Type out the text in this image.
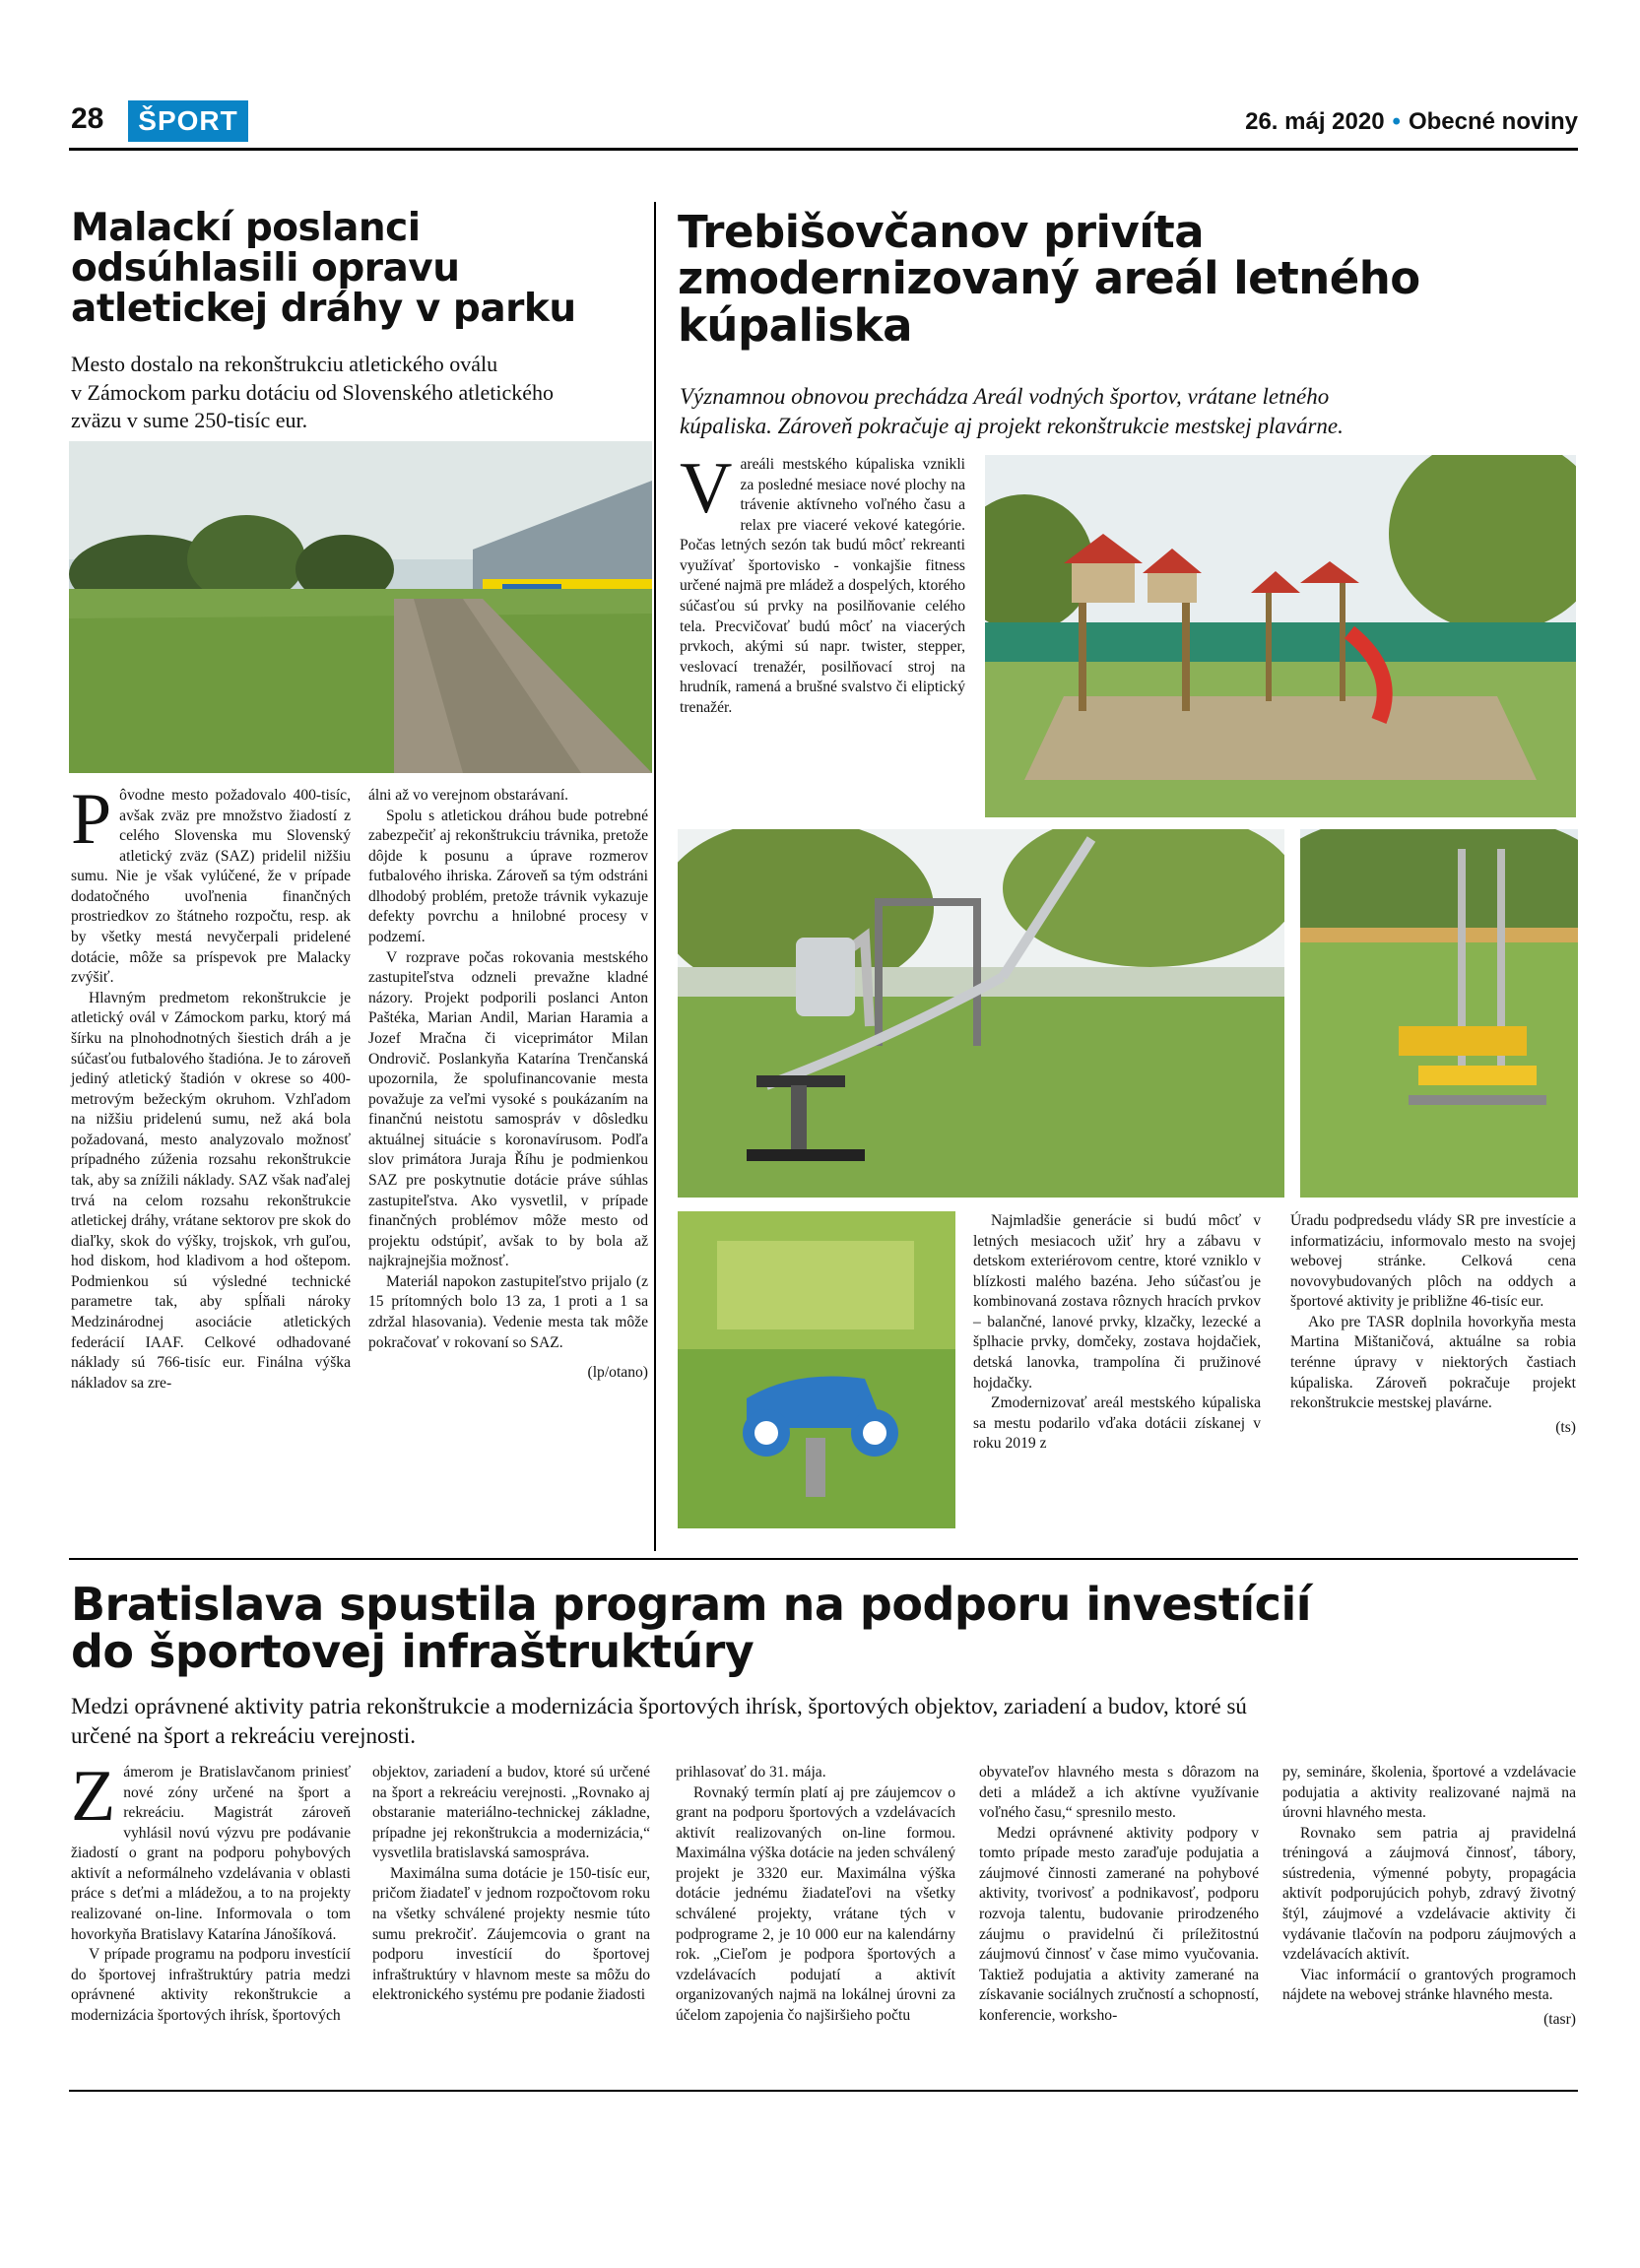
28	ŠPORT	26. máj 2020 • Obecné noviny
Malackí poslanci
odsúhlasili opravu
atletickej dráhy v parku
Mesto dostalo na rekonštrukciu atletického oválu
v Zámockom parku dotáciu od Slovenského atletického
zväzu v sume 250-tisíc eur.

Pôvodne mesto požadovalo 400-tisíc, avšak zväz pre množstvo žiadostí z celého Slovenska mu Slovenský atletický zväz (SAZ) pridelil nižšiu sumu. Nie je však vylúčené, že v prípade dodatočného uvoľnenia finančných prostriedkov zo štátneho rozpočtu, resp. ak by všetky mestá nevyčerpali pridelené dotácie, môže sa príspevok pre Malacky zvýšiť.

Hlavným predmetom rekonštrukcie je atletický ovál v Zámockom parku, ktorý má šírku na plnohodnotných šiestich dráh a je súčasťou futbalového štadióna. Je to zároveň jediný atletický štadión v okrese so 400-metrovým bežeckým okruhom. Vzhľadom na nižšiu pridelenú sumu, než aká bola požadovaná, mesto analyzovalo možnosť prípadného zúženia rozsahu rekonštrukcie tak, aby sa znížili náklady. SAZ však naďalej trvá na celom rozsahu rekonštrukcie atletickej dráhy, vrátane sektorov pre skok do diaľky, skok do výšky, trojskok, vrh guľou, hod diskom, hod kladivom a hod oštepom. Podmienkou sú výsledné technické parametre tak, aby spĺňali nároky Medzinárodnej asociácie atletických federácií IAAF. Celkové odhadované náklady sú 766-tisíc eur. Finálna výška nákladov sa zre-

álni až vo verejnom obstarávaní.

Spolu s atletickou dráhou bude potrebné zabezpečiť aj rekonštrukciu trávnika, pretože dôjde k posunu a úprave rozmerov futbalového ihriska. Zároveň sa tým odstráni dlhodobý problém, pretože trávnik vykazuje defekty povrchu a hnilobné procesy v podzemí.

V rozprave počas rokovania mestského zastupiteľstva odzneli prevažne kladné názory. Projekt podporili poslanci Anton Paštéka, Marian Andil, Marian Haramia a Jozef Mračna či viceprimátor Milan Ondrovič. Poslankyňa Katarína Trenčanská upozornila, že spolufinancovanie mesta považuje za veľmi vysoké s poukázaním na finančnú neistotu samospráv v dôsledku aktuálnej situácie s koronavírusom. Podľa slov primátora Juraja Říhu je podmienkou SAZ pre poskytnutie dotácie práve súhlas zastupiteľstva. Ako vysvetlil, v prípade finančných problémov môže mesto od projektu odstúpiť, avšak to by bola až najkrajnejšia možnosť.

Materiál napokon zastupiteľstvo prijalo (z 15 prítomných bolo 13 za, 1 proti a 1 sa zdržal hlasovania). Vedenie mesta tak môže pokračovať v rokovaní so SAZ.

(lp/otano)
Trebišovčanov privíta
zmodernizovaný areál letného
kúpaliska
Významnou obnovou prechádza Areál vodných športov, vrátane letného
kúpaliska. Zároveň pokračuje aj projekt rekonštrukcie mestskej plavárne.

Vareáli mestského kúpaliska vznikli za posledné mesiace nové plochy na trávenie aktívneho voľného času a relax pre viaceré vekové kategórie. Počas letných sezón tak budú môcť rekreanti využívať športovisko - vonkajšie fitness určené najmä pre mládež a dospelých, ktorého súčasťou sú prvky na posilňovanie celého tela. Precvičovať budú môcť na viacerých prvkoch, akými sú napr. twister, stepper, veslovací trenažér, posilňovací stroj na hrudník, ramená a brušné svalstvo či eliptický trenažér.

Najmladšie generácie si budú môcť v letných mesiacoch užiť hry a zábavu v detskom exteriérovom centre, ktoré vzniklo v blízkosti malého bazéna. Jeho súčasťou je kombinovaná zostava rôznych hracích prvkov – balančné, lanové prvky, klzačky, lezecké a šplhacie prvky, domčeky, zostava hojdačiek, detská lanovka, trampolína či pružinové hojdačky.

Zmodernizovať areál mestského kúpaliska sa mestu podarilo vďaka dotácii získanej v roku 2019 z

Úradu podpredsedu vlády SR pre investície a informatizáciu, informovalo mesto na svojej webovej stránke. Celková cena novovybudovaných plôch na oddych a športové aktivity je približne 46-tisíc eur.

Ako pre TASR doplnila hovorkyňa mesta Martina Mištaničová, aktuálne sa robia terénne úpravy v niektorých častiach kúpaliska. Zároveň pokračuje projekt rekonštrukcie mestskej plavárne.

(ts)
Bratislava spustila program na podporu investícií
do športovej infraštruktúry
Medzi oprávnené aktivity patria rekonštrukcie a modernizácia športových ihrísk, športových objektov, zariadení a budov, ktoré sú
určené na šport a rekreáciu verejnosti.

Zámerom je Bratislavčanom priniesť nové zóny určené na šport a rekreáciu. Magistrát zároveň vyhlásil novú výzvu pre podávanie žiadostí o grant na podporu pohybových aktivít a neformálneho vzdelávania v oblasti práce s deťmi a mládežou, a to na projekty realizované on-line. Informovala o tom hovorkyňa Bratislavy Katarína Jánošíková.

V prípade programu na podporu investícií do športovej infraštruktúry patria medzi oprávnené aktivity rekonštrukcie a modernizácia športových ihrísk, športových

objektov, zariadení a budov, ktoré sú určené na šport a rekreáciu verejnosti. „Rovnako aj obstaranie materiálno-technickej základne, prípadne jej rekonštrukcia a modernizácia,“ vysvetlila bratislavská samospráva.

Maximálna suma dotácie je 150-tisíc eur, pričom žiadateľ v jednom rozpočtovom roku na všetky schválené projekty nesmie túto sumu prekročiť. Záujemcovia o grant na podporu investícií do športovej infraštruktúry v hlavnom meste sa môžu do elektronického systému pre podanie žiadosti

prihlasovať do 31. mája.

Rovnaký termín platí aj pre záujemcov o grant na podporu športových a vzdelávacích aktivít realizovaných on-line formou. Maximálna výška dotácie na jeden schválený projekt je 3320 eur. Maximálna výška dotácie jednému žiadateľovi na všetky schválené projekty, vrátane tých v podprograme 2, je 10 000 eur na kalendárny rok. „Cieľom je podpora športových a vzdelávacích podujatí a aktivít organizovaných najmä na lokálnej úrovni za účelom zapojenia čo najširšieho počtu

obyvateľov hlavného mesta s dôrazom na deti a mládež a ich aktívne využívanie voľného času,“ spresnilo mesto.

Medzi oprávnené aktivity podpory v tomto prípade mesto zaraďuje podujatia a záujmové činnosti zamerané na pohybové aktivity, tvorivosť a podnikavosť, podporu rozvoja talentu, budovanie prirodzeného záujmu o pravidelnú či príležitostnú záujmovú činnosť v čase mimo vyučovania. Taktiež podujatia a aktivity zamerané na získavanie sociálnych zručností a schopností, konferencie, worksho-

py, semináre, školenia, športové a vzdelávacie podujatia a aktivity realizované najmä na úrovni hlavného mesta.

Rovnako sem patria aj pravidelná tréningová a záujmová činnosť, tábory, sústredenia, výmenné pobyty, propagácia aktivít podporujúcich pohyb, zdravý životný štýl, záujmové a vzdelávacie aktivity či vydávanie tlačovín na podporu záujmových a vzdelávacích aktivít.

Viac informácií o grantových programoch nájdete na webovej stránke hlavného mesta.

(tasr)
